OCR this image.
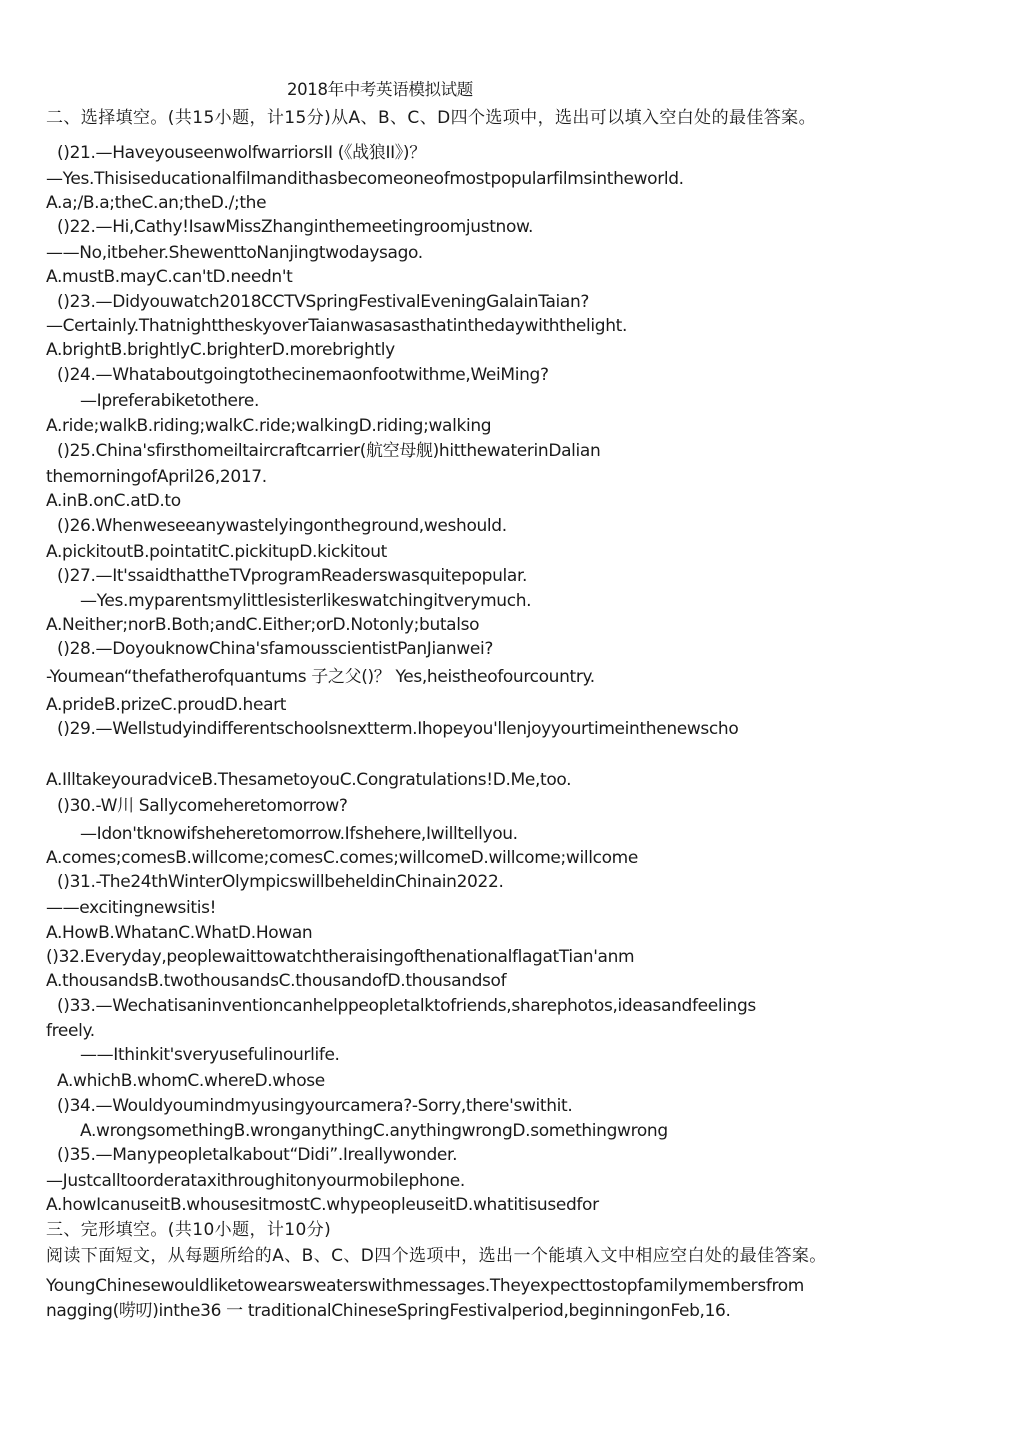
2018年中考英语模拟试题
二、选择填空。(共15小题，计15分)从A、B、C、D四个选项中，选出可以填入空白处的最佳答案。
()21.—HaveyouseenwolfwarriorsII (《战狼II》)？
—Yes.Thisiseducationalfilmandithasbecomeoneofmostpopularfilmsintheworld.
A.a;/B.a;theC.an;theD./;the
()22.—Hi,Cathy!IsawMissZhanginthemeetingroomjustnow.
——No,itbeher.ShewenttoNanjingtwodaysago.
A.mustB.mayC.can'tD.needn't
()23.—Didyouwatch2018CCTVSpringFestivalEveningGalainTaian?
—Certainly.ThatnighttheskyoverTaianwasasasthatinthedaywiththelight.
A.brightB.brightlyC.brighterD.morebrightly
()24.—Whataboutgoingtothecinemaonfootwithme,WeiMing?
—Ipreferabiketothere.
A.ride;walkB.riding;walkC.ride;walkingD.riding;walking
()25.China'sfirsthomeiltaircraftcarrier(航空母舰)hitthewaterinDalian
themorningofApril26,2017.
A.inB.onC.atD.to
()26.Whenweseeanywastelyingontheground,weshould.
A.pickitoutB.pointatitC.pickitupD.kickitout
()27.—It'ssaidthattheTVprogramReaderswasquitepopular.
—Yes.myparentsmylittlesisterlikeswatchingitverymuch.
A.Neither;norB.Both;andC.Either;orD.Notonly;butalso
()28.—DoyouknowChina'sfamousscientistPanJianwei?
-Youmean“thefatherofquantums 子之父()？ Yes,heistheofourcountry.
A.prideB.prizeC.proudD.heart
()29.—Wellstudyindifferentschoolsnextterm.Ihopeyou'llenjoyyourtimeinthenewscho
A.IlltakeyouradviceB.ThesametoyouC.Congratulations!D.Me,too.
()30.-W川 Sallycomeheretomorrow?
—Idon'tknowifsheheretomorrow.Ifshehere,Iwilltellyou.
A.comes;comesB.willcome;comesC.comes;willcomeD.willcome;willcome
()31.-The24thWinterOlympicswillbeheldinChinain2022.
——excitingnewsitis!
A.HowB.WhatanC.WhatD.Howan
()32.Everyday,peoplewaittowatchtheraisingofthenationalflagatTian'anm
A.thousandsB.twothousandsC.thousandofD.thousandsof
()33.—Wechatisaninventioncanhelppeopletalktofriends,sharephotos,ideasandfeelings
freely.
——Ithinkit'sveryusefulinourlife.
A.whichB.whomC.whereD.whose
()34.—Wouldyoumindmyusingyourcamera?-Sorry,there'swithit.
A.wrongsomethingB.wronganythingC.anythingwrongD.somethingwrong
()35.—Manypeopletalkabout“Didi”.Ireallywonder.
—Justcalltoorderataxithroughitonyourmobilephone.
A.howIcanuseitB.whousesitmostC.whypeopleuseitD.whatitisusedfor
三、完形填空。(共10小题，计10分)
阅读下面短文，从每题所给的A、B、C、D四个选项中，选出一个能填入文中相应空白处的最佳答案。
YoungChinesewouldliketowearsweaterswithmessages.Theyexpecttostopfamilymembersfrom
nagging(唠叨)inthe36 一 traditionalChineseSpringFestivalperiod,beginningonFeb,16.
